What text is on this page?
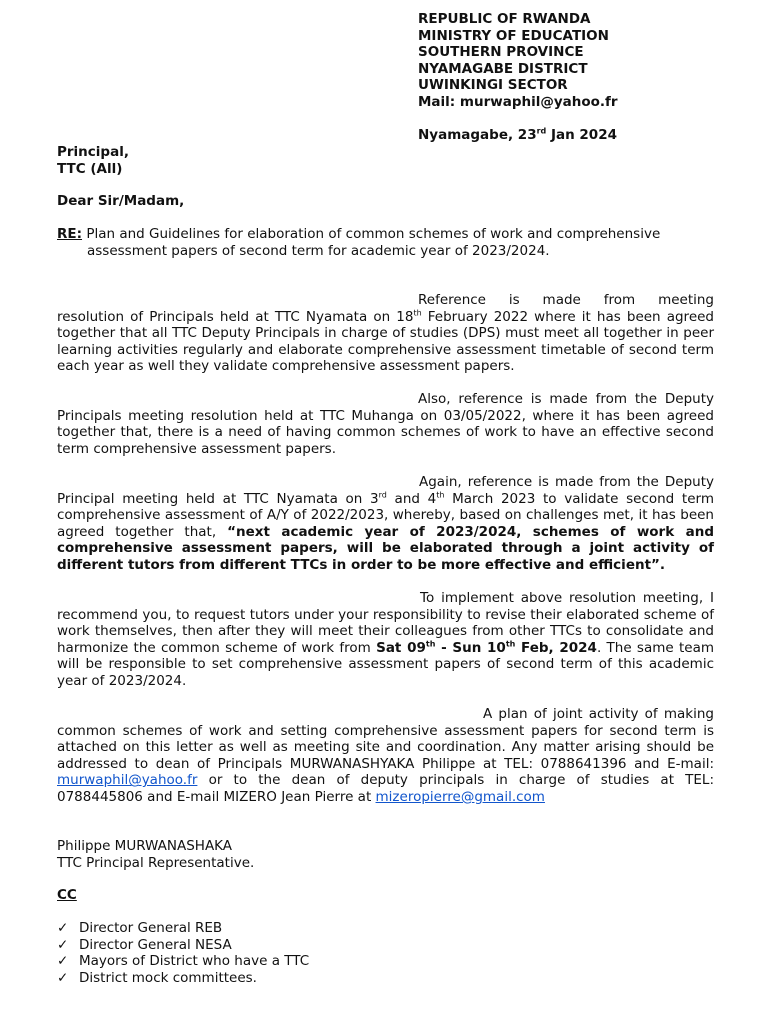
REPUBLIC OF RWANDA
MINISTRY OF EDUCATION
SOUTHERN PROVINCE
NYAMAGABE DISTRICT
UWINKINGI SECTOR
Mail: murwaphil@yahoo.fr
Nyamagabe, 23rd Jan 2024
Principal,
TTC (All)
Dear Sir/Madam,
RE: Plan and Guidelines for elaboration of common schemes of work and comprehensive assessment papers of second term for academic year of 2023/2024.
Reference is made from meeting
resolution of Principals held at TTC Nyamata on 18th February 2022 where it has been agreed together that all TTC Deputy Principals in charge of studies (DPS) must meet all together in peer learning activities regularly and elaborate comprehensive assessment timetable of second term each year as well they validate comprehensive assessment papers.
Also, reference is made from the Deputy
Principals meeting resolution held at TTC Muhanga on 03/05/2022, where it has been agreed together that, there is a need of having common schemes of work to have an effective second term comprehensive assessment papers.
Again, reference is made from the Deputy
Principal meeting held at TTC Nyamata on 3rd and 4th March 2023 to validate second term comprehensive assessment of A/Y of 2022/2023, whereby, based on challenges met, it has been agreed together that, “next academic year of 2023/2024, schemes of work and comprehensive assessment papers, will be elaborated through a joint activity of different tutors from different TTCs in order to be more effective and efficient”.
To implement above resolution meeting, I
recommend you, to request tutors under your responsibility to revise their elaborated scheme of work themselves, then after they will meet their colleagues from other TTCs to consolidate and harmonize the common scheme of work from Sat 09th - Sun 10th Feb, 2024. The same team will be responsible to set comprehensive assessment papers of second term of this academic year of 2023/2024.
A plan of joint activity of making
common schemes of work and setting comprehensive assessment papers for second term is attached on this letter as well as meeting site and coordination. Any matter arising should be addressed to dean of Principals MURWANASHYAKA Philippe at TEL: 0788641396 and E-mail: murwaphil@yahoo.fr or to the dean of deputy principals in charge of studies at TEL: 0788445806 and E-mail MIZERO Jean Pierre at mizeropierre@gmail.com
Philippe MURWANASHAKA
TTC Principal Representative.
CC
✓ Director General REB
✓ Director General NESA
✓ Mayors of District who have a TTC
✓ District mock committees.
